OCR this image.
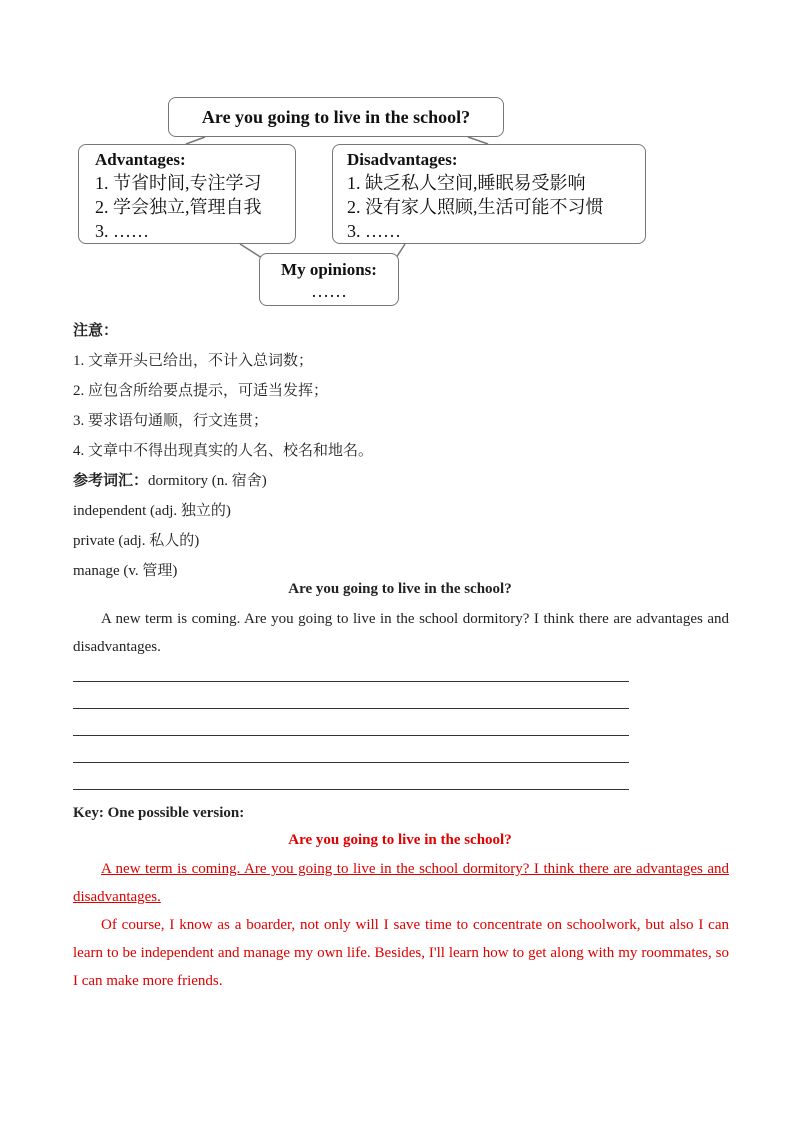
Are you going to live in the school?
Advantages:
1. 节省时间,专注学习
2. 学会独立,管理自我
3. ……
Disadvantages:
1. 缺乏私人空间,睡眠易受影响
2. 没有家人照顾,生活可能不习惯
3. ……
My opinions:
……
注意：
1. 文章开头已给出，不计入总词数；
2. 应包含所给要点提示，可适当发挥；
3. 要求语句通顺，行文连贯；
4. 文章中不得出现真实的人名、校名和地名。
参考词汇：dormitory (n. 宿舍)
independent (adj. 独立的)
private (adj. 私人的)
manage (v. 管理)
Are you going to live in the school?
A new term is coming. Are you going to live in the school dormitory? I think there are advantages and disadvantages.
Key: One possible version:
Are you going to live in the school?
A new term is coming. Are you going to live in the school dormitory? I think there are advantages and disadvantages.
Of course, I know as a boarder, not only will I save time to concentrate on schoolwork, but also I can learn to be independent and manage my own life. Besides, I'll learn how to get along with my roommates, so I can make more friends.
